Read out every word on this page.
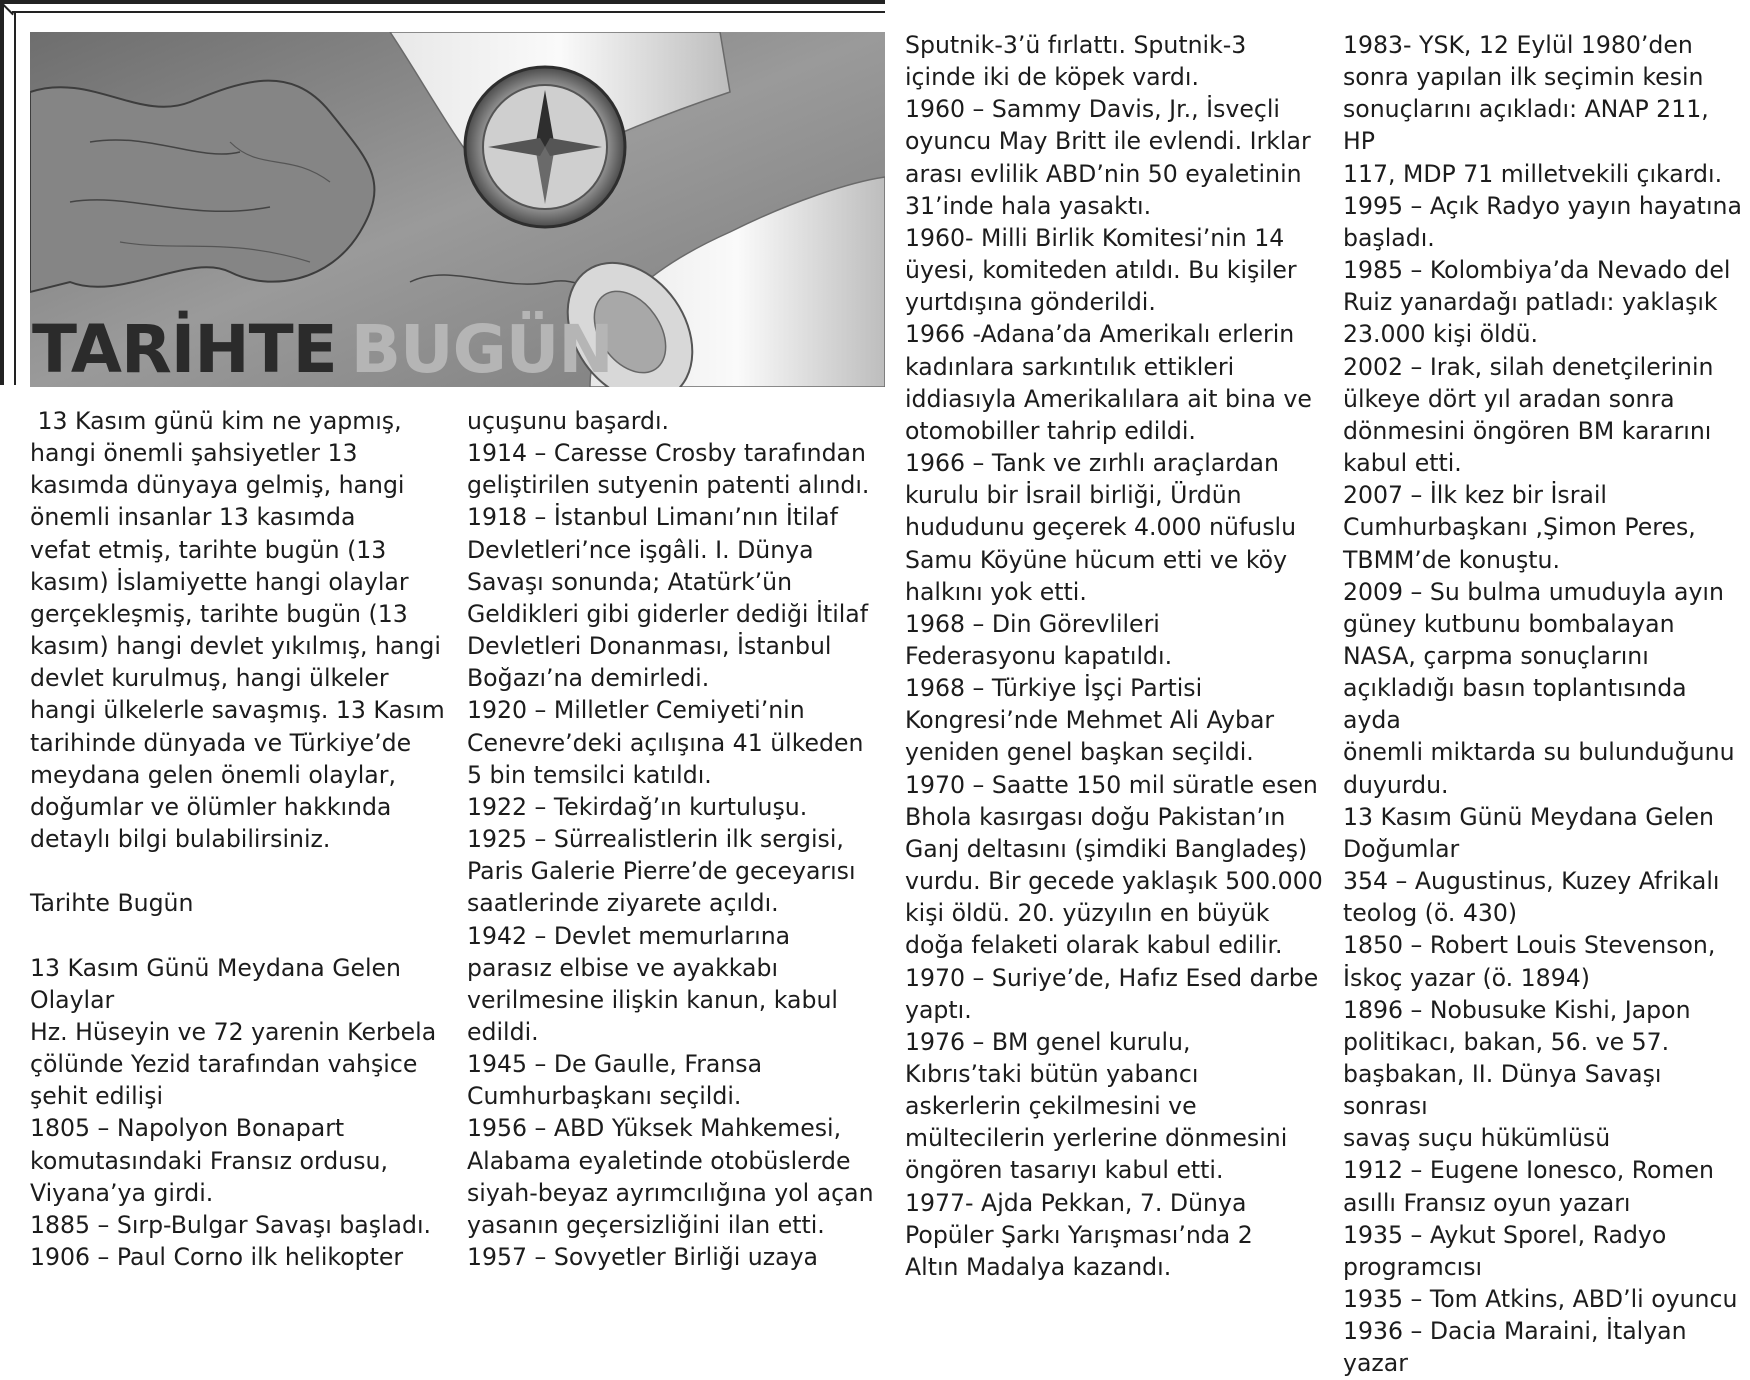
TARİHTE BUGÜN

13 Kasım günü kim ne yapmış,

hangi önemli şahsiyetler 13

kasımda dünyaya gelmiş, hangi

önemli insanlar 13 kasımda

vefat etmiş, tarihte bugün (13

kasım) İslamiyette hangi olaylar

gerçekleşmiş, tarihte bugün (13

kasım) hangi devlet yıkılmış, hangi

devlet kurulmuş, hangi ülkeler

hangi ülkelerle savaşmış. 13 Kasım

tarihinde dünyada ve Türkiye’de

meydana gelen önemli olaylar,

doğumlar ve ölümler hakkında

detaylı bilgi bulabilirsiniz.

Tarihte Bugün

13 Kasım Günü Meydana Gelen

Olaylar

Hz. Hüseyin ve 72 yarenin Kerbela

çölünde Yezid tarafından vahşice

şehit edilişi

1805 – Napolyon Bonapart

komutasındaki Fransız ordusu,

Viyana’ya girdi.

1885 – Sırp-Bulgar Savaşı başladı.

1906 – Paul Corno ilk helikopter

uçuşunu başardı.

1914 – Caresse Crosby tarafından

geliştirilen sutyenin patenti alındı.

1918 – İstanbul Limanı’nın İtilaf

Devletleri’nce işgâli. I. Dünya

Savaşı sonunda; Atatürk’ün

Geldikleri gibi giderler dediği İtilaf

Devletleri Donanması, İstanbul

Boğazı’na demirledi.

1920 – Milletler Cemiyeti’nin

Cenevre’deki açılışına 41 ülkeden

5 bin temsilci katıldı.

1922 – Tekirdağ’ın kurtuluşu.

1925 – Sürrealistlerin ilk sergisi,

Paris Galerie Pierre’de geceyarısı

saatlerinde ziyarete açıldı.

1942 – Devlet memurlarına

parasız elbise ve ayakkabı

verilmesine ilişkin kanun, kabul

edildi.

1945 – De Gaulle, Fransa

Cumhurbaşkanı seçildi.

1956 – ABD Yüksek Mahkemesi,

Alabama eyaletinde otobüslerde

siyah-beyaz ayrımcılığına yol açan

yasanın geçersizliğini ilan etti.

1957 – Sovyetler Birliği uzaya

Sputnik-3’ü fırlattı. Sputnik-3

içinde iki de köpek vardı.

1960 – Sammy Davis, Jr., İsveçli

oyuncu May Britt ile evlendi. Irklar

arası evlilik ABD’nin 50 eyaletinin

31’inde hala yasaktı.

1960- Milli Birlik Komitesi’nin 14

üyesi, komiteden atıldı. Bu kişiler

yurtdışına gönderildi.

1966 -Adana’da Amerikalı erlerin

kadınlara sarkıntılık ettikleri

iddiasıyla Amerikalılara ait bina ve

otomobiller tahrip edildi.

1966 – Tank ve zırhlı araçlardan

kurulu bir İsrail birliği, Ürdün

hududunu geçerek 4.000 nüfuslu

Samu Köyüne hücum etti ve köy

halkını yok etti.

1968 – Din Görevlileri

Federasyonu kapatıldı.

1968 – Türkiye İşçi Partisi

Kongresi’nde Mehmet Ali Aybar

yeniden genel başkan seçildi.

1970 – Saatte 150 mil süratle esen

Bhola kasırgası doğu Pakistan’ın

Ganj deltasını (şimdiki Bangladeş)

vurdu. Bir gecede yaklaşık 500.000

kişi öldü. 20. yüzyılın en büyük

doğa felaketi olarak kabul edilir.

1970 – Suriye’de, Hafız Esed darbe

yaptı.

1976 – BM genel kurulu,

Kıbrıs’taki bütün yabancı

askerlerin çekilmesini ve

mültecilerin yerlerine dönmesini

öngören tasarıyı kabul etti.

1977- Ajda Pekkan, 7. Dünya

Popüler Şarkı Yarışması’nda 2

Altın Madalya kazandı.

1983- YSK, 12 Eylül 1980’den

sonra yapılan ilk seçimin kesin

sonuçlarını açıkladı: ANAP 211, HP

117, MDP 71 milletvekili çıkardı.

1995 – Açık Radyo yayın hayatına

başladı.

1985 – Kolombiya’da Nevado del

Ruiz yanardağı patladı: yaklaşık

23.000 kişi öldü.

2002 – Irak, silah denetçilerinin

ülkeye dört yıl aradan sonra

dönmesini öngören BM kararını

kabul etti.

2007 – İlk kez bir İsrail

Cumhurbaşkanı ,Şimon Peres,

TBMM’de konuştu.

2009 – Su bulma umuduyla ayın

güney kutbunu bombalayan

NASA, çarpma sonuçlarını

açıkladığı basın toplantısında ayda

önemli miktarda su bulunduğunu

duyurdu.

13 Kasım Günü Meydana Gelen

Doğumlar

354 – Augustinus, Kuzey Afrikalı

teolog (ö. 430)

1850 – Robert Louis Stevenson,

İskoç yazar (ö. 1894)

1896 – Nobusuke Kishi, Japon

politikacı, bakan, 56. ve 57.

başbakan, II. Dünya Savaşı sonrası

savaş suçu hükümlüsü

1912 – Eugene Ionesco, Romen

asıllı Fransız oyun yazarı

1935 – Aykut Sporel, Radyo

programcısı

1935 – Tom Atkins, ABD’li oyuncu

1936 – Dacia Maraini, İtalyan

yazar
